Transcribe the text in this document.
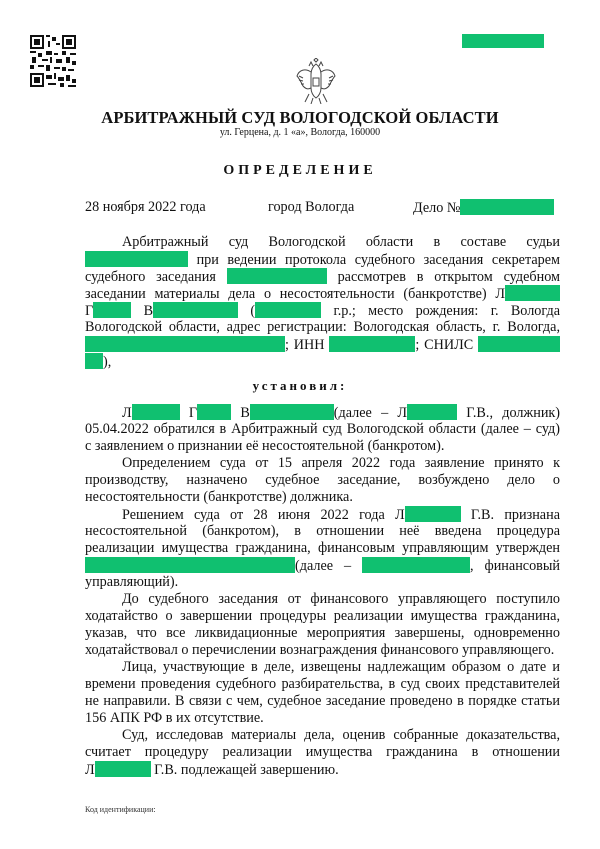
АРБИТРАЖНЫЙ СУД ВОЛОГОДСКОЙ ОБЛАСТИ
ул. Герцена, д. 1 «а», Вологда, 160000
ОПРЕДЕЛЕНИЕ
28 ноября 2022 года	город Вологда	Дело №
Арбитражный суд Вологодской области в составе судьи
при ведении протокола судебного заседания секретарем
судебного заседания	рассмотрев в открытом судебном
заседании материалы дела о несостоятельности (банкротстве) Л
Г	В	(	г.р.; место рождения: г. Вологда
Вологодской области, адрес регистрации: Вологодская область, г. Вологда,
; ИНН	; СНИЛС
),
установил:
Л	Г	В	(далее – Л	Г.В., должник)
05.04.2022 обратился в Арбитражный суд Вологодской области (далее – суд)
с заявлением о признании её несостоятельной (банкротом).
Определением суда от 15 апреля 2022 года заявление принято к
производству, назначено судебное заседание, возбуждено дело о
несостоятельности (банкротстве) должника.
Решением суда от 28 июня 2022 года Л	Г.В. признана
несостоятельной (банкротом), в отношении неё введена процедура
реализации имущества гражданина, финансовым управляющим утвержден
(далее –	, финансовый
управляющий).
До судебного заседания от финансового управляющего поступило
ходатайство о завершении процедуры реализации имущества гражданина,
указав, что все ликвидационные мероприятия завершены, одновременно
ходатайствовал о перечислении вознаграждения финансового управляющего.
Лица, участвующие в деле, извещены надлежащим образом о дате и
времени проведения судебного разбирательства, в суд своих представителей
не направили. В связи с чем, судебное заседание проведено в порядке статьи
156 АПК РФ в их отсутствие.
Суд, исследовав материалы дела, оценив собранные доказательства,
считает процедуру реализации имущества гражданина в отношении
Л	Г.В. подлежащей завершению.
Код идентификации:
